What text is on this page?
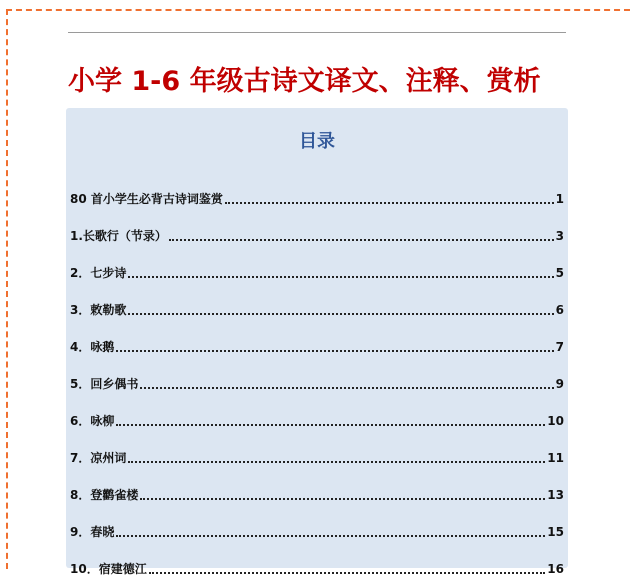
小学 1-6 年级古诗文译文、注释、赏析
目录
80 首小学生必背古诗词鉴赏	1
1.长歌行（节录）	3
2．七步诗	5
3．敕勒歌	6
4．咏鹅	7
5．回乡偶书	9
6．咏柳	10
7．凉州词	11
8．登鹳雀楼	13
9．春晓	15
10．宿建德江	16
